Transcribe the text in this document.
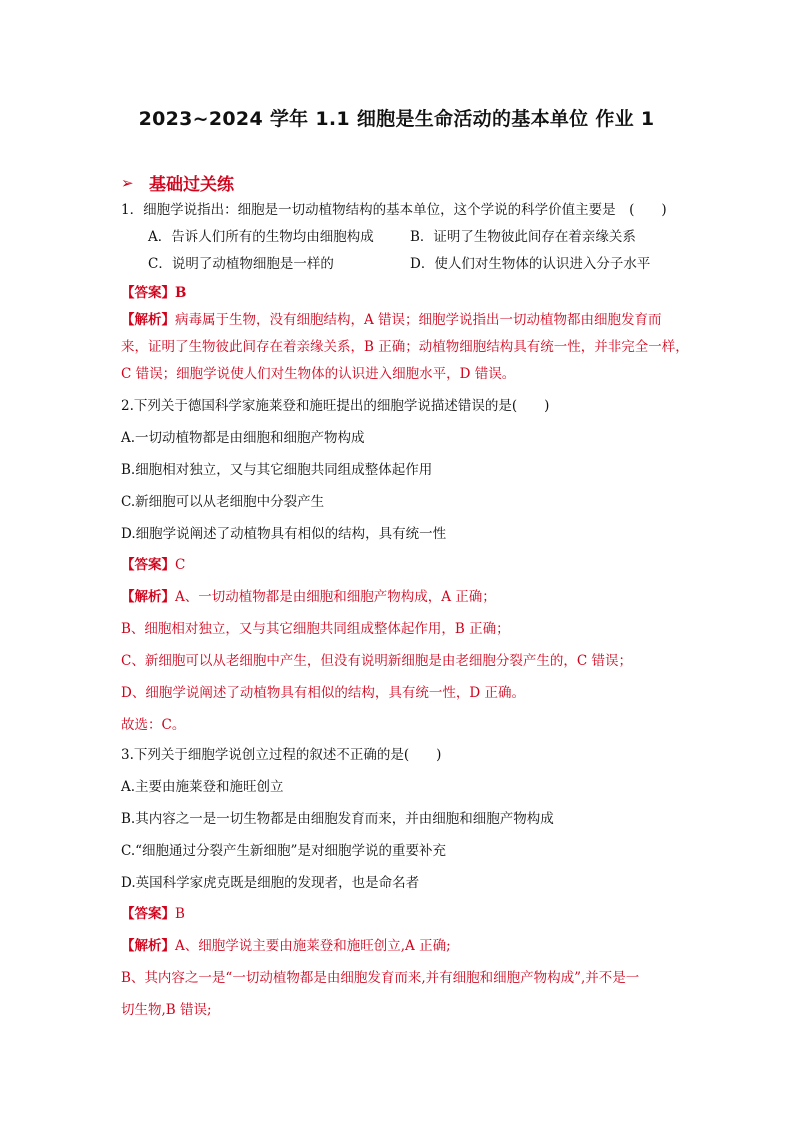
2023~2024 学年 1.1 细胞是生命活动的基本单位 作业 1
➢ 基础过关练
1．细胞学说指出：细胞是一切动植物结构的基本单位，这个学说的科学价值主要是　(　　)
A．告诉人们所有的生物均由细胞构成	B．证明了生物彼此间存在着亲缘关系
C．说明了动植物细胞是一样的	D．使人们对生物体的认识进入分子水平
【答案】B
【解析】病毒属于生物，没有细胞结构，A 错误；细胞学说指出一切动植物都由细胞发育而
来，证明了生物彼此间存在着亲缘关系，B 正确；动植物细胞结构具有统一性，并非完全一样，
C 错误；细胞学说使人们对生物体的认识进入细胞水平，D 错误。
2.下列关于德国科学家施莱登和施旺提出的细胞学说描述错误的是(　　)
A.一切动植物都是由细胞和细胞产物构成
B.细胞相对独立，又与其它细胞共同组成整体起作用
C.新细胞可以从老细胞中分裂产生
D.细胞学说阐述了动植物具有相似的结构，具有统一性
【答案】C
【解析】A、一切动植物都是由细胞和细胞产物构成，A 正确；
B、细胞相对独立，又与其它细胞共同组成整体起作用，B 正确；
C、新细胞可以从老细胞中产生，但没有说明新细胞是由老细胞分裂产生的，C 错误；
D、细胞学说阐述了动植物具有相似的结构，具有统一性，D 正确。
故选：C。
3.下列关于细胞学说创立过程的叙述不正确的是(　　)
A.主要由施莱登和施旺创立
B.其内容之一是一切生物都是由细胞发育而来，并由细胞和细胞产物构成
C.“细胞通过分裂产生新细胞”是对细胞学说的重要补充
D.英国科学家虎克既是细胞的发现者，也是命名者
【答案】B
【解析】A、细胞学说主要由施莱登和施旺创立,A 正确;
B、其内容之一是“一切动植物都是由细胞发育而来,并有细胞和细胞产物构成”,并不是一
切生物,B 错误;
